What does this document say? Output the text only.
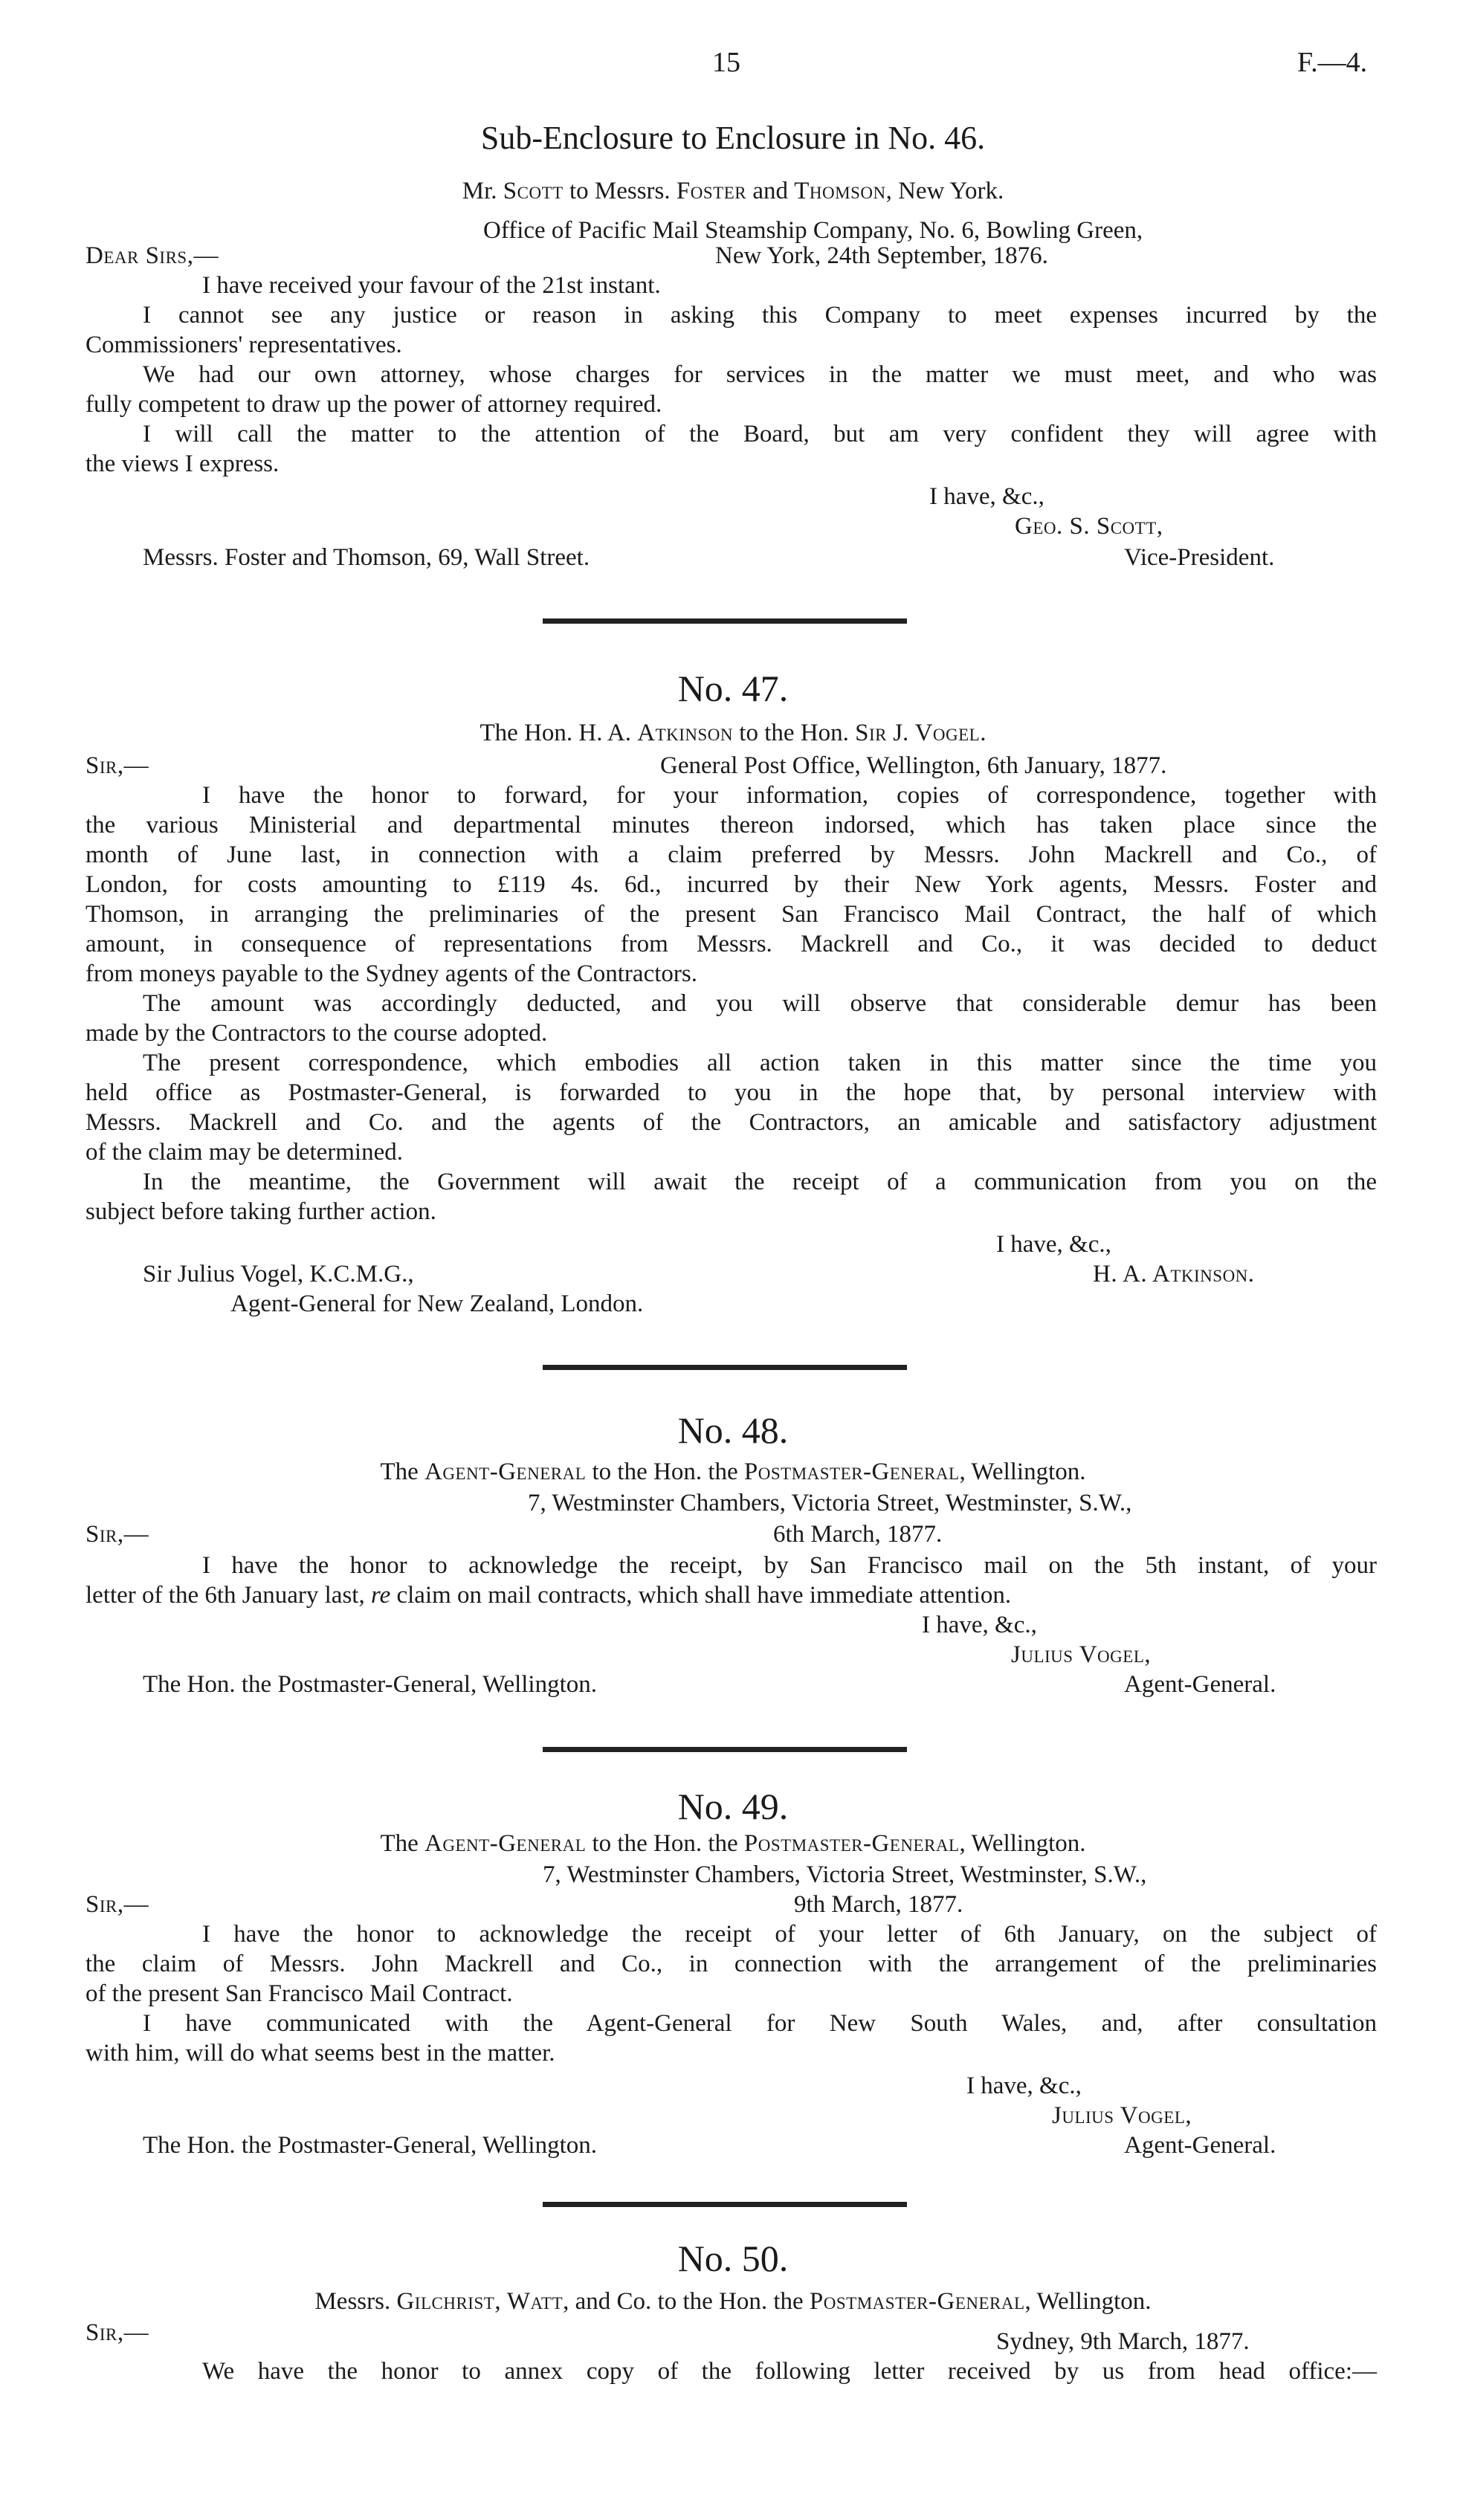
15	F.—4.
Sub-Enclosure to Enclosure in No. 46.
Mr. Scott to Messrs. Foster and Thomson, New York.
Office of Pacific Mail Steamship Company, No. 6, Bowling Green,
Dear Sirs,—	New York, 24th September, 1876.
I have received your favour of the 21st instant.
I cannot see any justice or reason in asking this Company to meet expenses incurred by the
Commissioners' representatives.
We had our own attorney, whose charges for services in the matter we must meet, and who was
fully competent to draw up the power of attorney required.
I will call the matter to the attention of the Board, but am very confident they will agree with
the views I express.
I have, &c.,
Geo. S. Scott,
Messrs. Foster and Thomson, 69, Wall Street.	Vice-President.
No. 47.
The Hon. H. A. Atkinson to the Hon. Sir J. Vogel.
Sir,—	General Post Office, Wellington, 6th January, 1877.
I have the honor to forward, for your information, copies of correspondence, together with
the various Ministerial and departmental minutes thereon indorsed, which has taken place since the
month of June last, in connection with a claim preferred by Messrs. John Mackrell and Co., of
London, for costs amounting to £119 4s. 6d., incurred by their New York agents, Messrs. Foster and
Thomson, in arranging the preliminaries of the present San Francisco Mail Contract, the half of which
amount, in consequence of representations from Messrs. Mackrell and Co., it was decided to deduct
from moneys payable to the Sydney agents of the Contractors.
The amount was accordingly deducted, and you will observe that considerable demur has been
made by the Contractors to the course adopted.
The present correspondence, which embodies all action taken in this matter since the time you
held office as Postmaster-General, is forwarded to you in the hope that, by personal interview with
Messrs. Mackrell and Co. and the agents of the Contractors, an amicable and satisfactory adjustment
of the claim may be determined.
In the meantime, the Government will await the receipt of a communication from you on the
subject before taking further action.
I have, &c.,
Sir Julius Vogel, K.C.M.G.,	H. A. Atkinson.
Agent-General for New Zealand, London.
No. 48.
The Agent-General to the Hon. the Postmaster-General, Wellington.
7, Westminster Chambers, Victoria Street, Westminster, S.W.,
Sir,—	6th March, 1877.
I have the honor to acknowledge the receipt, by San Francisco mail on the 5th instant, of your
letter of the 6th January last, re claim on mail contracts, which shall have immediate attention.
I have, &c.,
Julius Vogel,
The Hon. the Postmaster-General, Wellington.	Agent-General.
No. 49.
The Agent-General to the Hon. the Postmaster-General, Wellington.
7, Westminster Chambers, Victoria Street, Westminster, S.W.,
Sir,—	9th March, 1877.
I have the honor to acknowledge the receipt of your letter of 6th January, on the subject of
the claim of Messrs. John Mackrell and Co., in connection with the arrangement of the preliminaries
of the present San Francisco Mail Contract.
I have communicated with the Agent-General for New South Wales, and, after consultation
with him, will do what seems best in the matter.
I have, &c.,
Julius Vogel,
The Hon. the Postmaster-General, Wellington.	Agent-General.
No. 50.
Messrs. Gilchrist, Watt, and Co. to the Hon. the Postmaster-General, Wellington.
Sir,—	Sydney, 9th March, 1877.
We have the honor to annex copy of the following letter received by us from head office:—
